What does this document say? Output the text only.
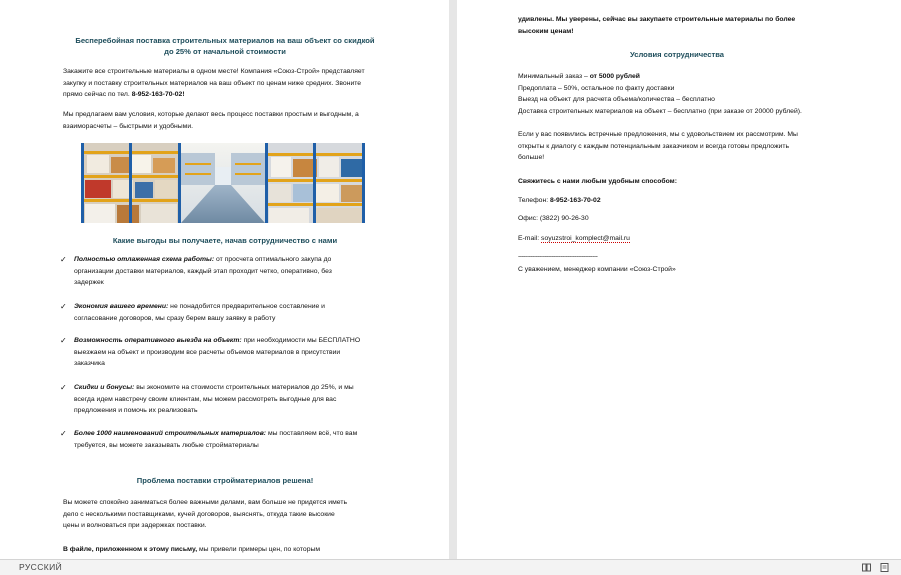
Бесперебойная поставка строительных материалов на ваш объект со скидкой
до 25% от начальной стоимости
Закажите все строительные материалы в одном месте! Компания «Союз-Строй» представляет
закупку и поставку строительных материалов на ваш объект по ценам ниже средних. Звоните
прямо сейчас по тел. 8-952-163-70-02!
Мы предлагаем вам условия, которые делают весь процесс поставки простым и выгодным, а
взаиморасчеты – быстрыми и удобными.
Какие выгоды вы получаете, начав сотрудничество с нами
✓ Полностью отлаженная схема работы: от просчета оптимального закупа до
организации доставки материалов, каждый этап проходит четко, оперативно, без
задержек
✓ Экономия вашего времени: не понадобится предварительное составление и
согласование договоров, мы сразу берем вашу заявку в работу
✓ Возможность оперативного выезда на объект: при необходимости мы БЕСПЛАТНО
выезжаем на объект и производим все расчеты объемов материалов в присутствии
заказчика
✓ Скидки и бонусы: вы экономите на стоимости строительных материалов до 25%, и мы
всегда идем навстречу своим клиентам, мы можем рассмотреть выгодные для вас
предложения и помочь их реализовать
✓ Более 1000 наименований строительных материалов: мы поставляем всё, что вам
требуется, вы можете заказывать любые стройматериалы
Проблема поставки стройматериалов решена!
Вы можете спокойно заниматься более важными делами, вам больше не придется иметь
дело с несколькими поставщиками, кучей договоров, выяснять, откуда такие высокие
цены и волноваться при задержках поставки.
В файле, приложенном к этому письму, мы привели примеры цен, по которым
удивлены. Мы уверены, сейчас вы закупаете строительные материалы по более
высоким ценам!
Условия сотрудничества
Минимальный заказ – от 5000 рублей
Предоплата – 50%, остальное по факту доставки
Выезд на объект для расчета объема/количества – бесплатно
Доставка строительных материалов на объект – бесплатно (при заказе от 20000 рублей).
Если у вас появились встречные предложения, мы с удовольствием их рассмотрим. Мы
открыты к диалогу с каждым потенциальным заказчиком и всегда готовы предложить
больше!
Свяжитесь с нами любым удобным способом:
Телефон: 8-952-163-70-02
Офис: (3822) 90-26-30
E-mail: soyuzstroi_komplect@mail.ru
---------------------------------------------
С уважением, менеджер компании «Союз-Строй»
РУССКИЙ
